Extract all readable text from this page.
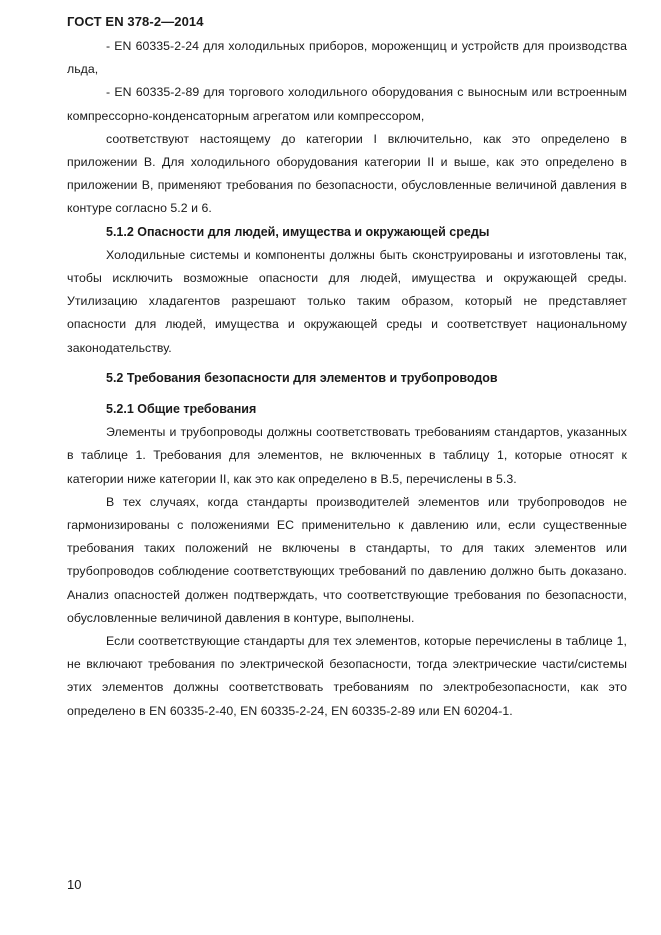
ГОСТ EN 378-2—2014

- EN 60335-2-24 для холодильных приборов, мороженщиц и устройств для производства льда,

- EN 60335-2-89 для торгового холодильного оборудования с выносным или встроенным компрессорно-конденсаторным агрегатом или компрессором,

соответствуют настоящему до категории I включительно, как это определено в приложении В. Для холодильного оборудования категории II и выше, как это определено в приложении В, применяют требования по безопасности, обусловленные величиной давления в контуре согласно 5.2 и 6.

5.1.2 Опасности для людей, имущества и окружающей среды

Холодильные системы и компоненты должны быть сконструированы и изготовлены так, чтобы исключить возможные опасности для людей, имущества и окружающей среды. Утилизацию хладагентов разрешают только таким образом, который не представляет опасности для людей, имущества и окружающей среды и соответствует национальному законодательству.

5.2 Требования безопасности для элементов и трубопроводов
5.2.1 Общие требования

Элементы и трубопроводы должны соответствовать требованиям стандартов, указанных в таблице 1. Требования для элементов, не включенных в таблицу 1, которые относят к категории ниже категории II, как это как определено в В.5, перечислены в 5.3.

В тех случаях, когда стандарты производителей элементов или трубопроводов не гармонизированы с положениями ЕС применительно к давлению или, если существенные требования таких положений не включены в стандарты, то для таких элементов или трубопроводов соблюдение соответствующих требований по давлению должно быть доказано. Анализ опасностей должен подтверждать, что соответствующие требования по безопасности, обусловленные величиной давления в контуре, выполнены.

Если соответствующие стандарты для тех элементов, которые перечислены в таблице 1, не включают требования по электрической безопасности, тогда электрические части/системы этих элементов должны соответствовать требованиям по электробезопасности, как это определено в EN 60335-2-40, EN 60335-2-24, EN 60335-2-89 или EN 60204-1.

10
